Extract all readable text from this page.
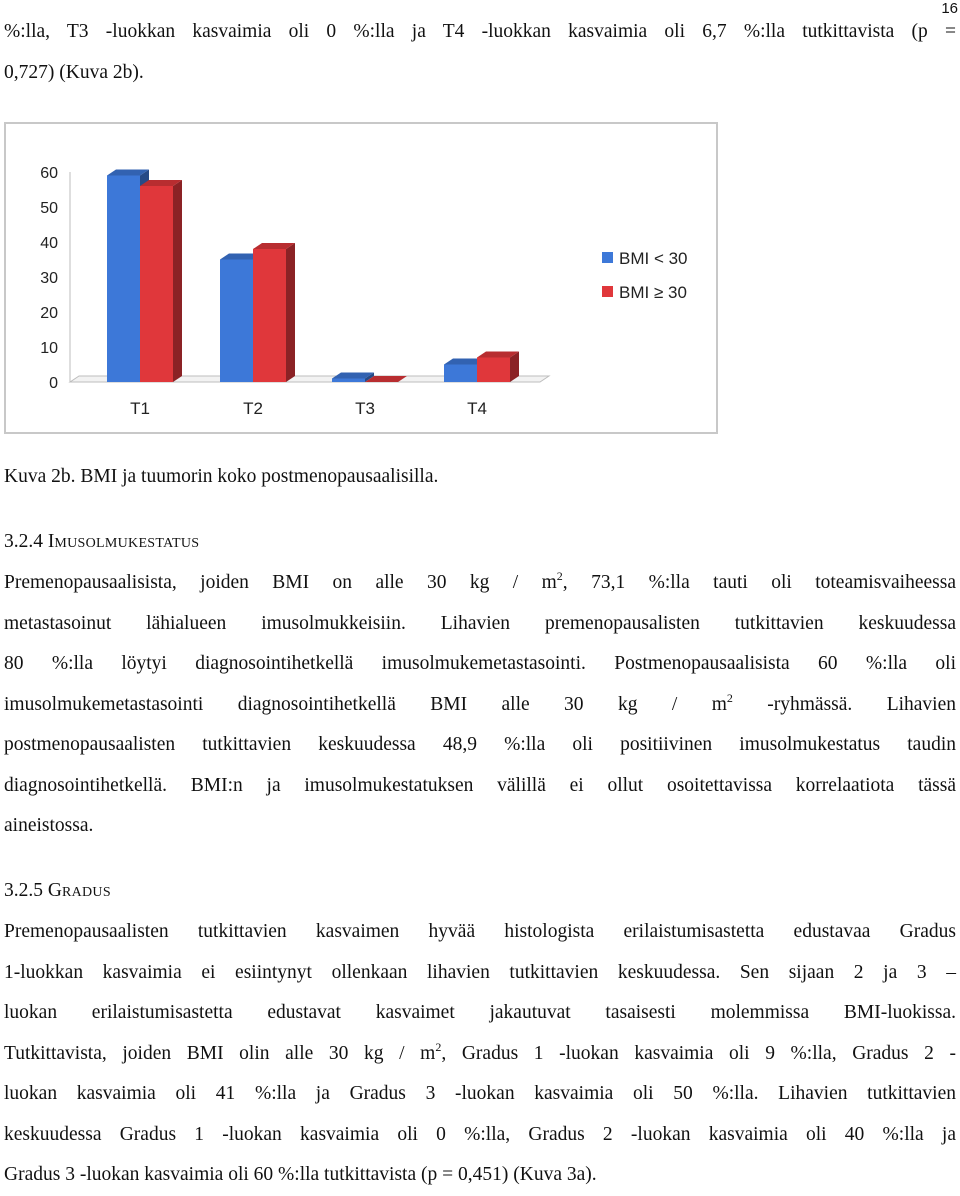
16
%:lla, T3 -luokkan kasvaimia oli 0 %:lla ja T4 -luokkan kasvaimia oli 6,7 %:lla tutkittavista (p =
0,727) (Kuva 2b).
0
10
20
30
40
50
60
T1	T2	T3	T4
BMI < 30
BMI ≥ 30
Kuva 2b. BMI ja tuumorin koko postmenopausaalisilla.
3.2.4 IMUSOLMUKESTATUS
Premenopausaalisista, joiden BMI on alle 30 kg / $m^2$, 73,1 %:lla tauti oli toteamisvaiheessa
metastasoinut lähialueen imusolmukkeisiin. Lihavien premenopausalisten tutkittavien keskuudessa
80 %:lla löytyi diagnosointihetkellä imusolmukemetastasointi. Postmenopausaalisista 60 %:lla oli
imusolmukemetastasointi diagnosointihetkellä BMI alle 30 kg / $m^2$ -ryhmässä. Lihavien
postmenopausaalisten tutkittavien keskuudessa 48,9 %:lla oli positiivinen imusolmukestatus taudin
diagnosointihetkellä. BMI:n ja imusolmukestatuksen välillä ei ollut osoitettavissa korrelaatiota tässä
aineistossa.
3.2.5 GRADUS
Premenopausaalisten tutkittavien kasvaimen hyvää histologista erilaistumisastetta edustavaa Gradus
1-luokkan kasvaimia ei esiintynyt ollenkaan lihavien tutkittavien keskuudessa. Sen sijaan 2 ja 3 –
luokan erilaistumisastetta edustavat kasvaimet jakautuvat tasaisesti molemmissa BMI-luokissa.
Tutkittavista, joiden BMI olin alle 30 kg / $m^2$, Gradus 1 -luokan kasvaimia oli 9 %:lla, Gradus 2 -
luokan kasvaimia oli 41 %:lla ja Gradus 3 -luokan kasvaimia oli 50 %:lla. Lihavien tutkittavien
keskuudessa Gradus 1 -luokan kasvaimia oli 0 %:lla, Gradus 2 -luokan kasvaimia oli 40 %:lla ja
Gradus 3 -luokan kasvaimia oli 60 %:lla tutkittavista (p = 0,451) (Kuva 3a).
